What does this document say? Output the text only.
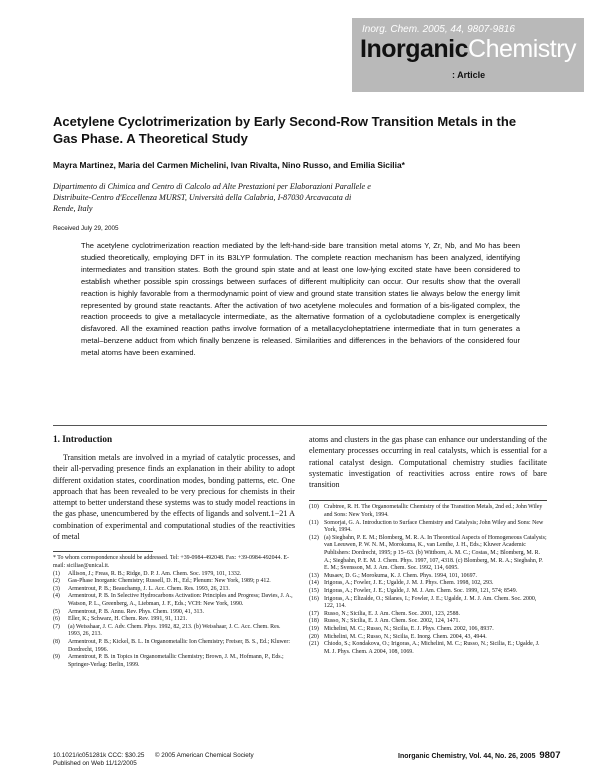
Inorg. Chem. 2005, 44, 9807-9816
InorganicChemistry
: Article
Acetylene Cyclotrimerization by Early Second-Row Transition Metals in the Gas Phase. A Theoretical Study
Mayra Martinez, Maria del Carmen Michelini, Ivan Rivalta, Nino Russo, and Emilia Sicilia*
Dipartimento di Chimica and Centro di Calcolo ad Alte Prestazioni per Elaborazioni Parallele e Distribuite-Centro d'Eccellenza MURST, Università della Calabria, I-87030 Arcavacata di Rende, Italy
Received July 29, 2005
The acetylene cyclotrimerization reaction mediated by the left-hand-side bare transition metal atoms Y, Zr, Nb, and Mo has been studied theoretically, employing DFT in its B3LYP formulation. The complete reaction mechanism has been analyzed, identifying intermediates and transition states. Both the ground spin state and at least one low-lying excited state have been considered to establish whether possible spin crossings between surfaces of different multiplicity can occur. Our results show that the overall reaction is highly favorable from a thermodynamic point of view and ground state transition states lie always below the energy limit represented by ground state reactants. After the activation of two acetylene molecules and formation of a bis-ligated complex, the reaction proceeds to give a metallacycle intermediate, as the alternative formation of a cyclobutadiene complex is energetically disfavored. All the examined reaction paths involve formation of a metallacycloheptatriene intermediate that in turn generates a metal–benzene adduct from which finally benzene is released. Similarities and differences in the behaviors of the considered four metal atoms have been examined.
1. Introduction

Transition metals are involved in a myriad of catalytic processes, and their all-pervading presence finds an explanation in their ability to adopt different oxidation states, coordination modes, bonding patterns, etc. One approach that has been revealed to be very precious for chemists in their attempt to better understand these systems was to study model reactions in the gas phase, unencumbered by the effects of ligands and solvent.1−21 A combination of experimental and computational studies of the reactivities of metal

* To whom correspondence should be addressed. Tel: +39-0984-492048. Fax: +39-0984-492044. E-mail: siciliae@unical.it.
(1)	Allison, J.; Freas, R. B.; Ridge, D. P. J. Am. Chem. Soc. 1979, 101, 1332.
(2)	Gas-Phase Inorganic Chemistry; Russell, D. H., Ed.; Plenum: New York, 1989; p 412.
(3)	Armentrout, P. B.; Beauchamp, J. L. Acc. Chem. Res. 1993, 26, 213.
(4)	Armentrout, P. B. In Selective Hydrocarbons Activation: Principles and Progress; Davies, J. A., Watson, P. L., Greenberg, A., Liebman, J. F., Eds.; VCH: New York, 1990.
(5)	Armentrout, P. B. Annu. Rev. Phys. Chem. 1990, 41, 313.
(6)	Eller, K.; Schwarz, H. Chem. Rev. 1991, 91, 1121.
(7)	(a) Weisshaar, J. C. Adv. Chem. Phys. 1992, 82, 213. (b) Weisshaar, J. C. Acc. Chem. Res. 1993, 26, 213.
(8)	Armentrout, P. B.; Kickel, B. L. In Organometallic Ion Chemistry; Freiser, B. S., Ed.; Kluwer: Dordrecht, 1996.
(9)	Armentrout, P. B. in Topics in Organometallic Chemistry; Brown, J. M., Hofmann, P., Eds.; Springer-Verlag: Berlin, 1999.

atoms and clusters in the gas phase can enhance our understanding of the elementary processes occurring in real catalysts, which is essential for a rational catalyst design. Computational chemistry studies facilitate systematic investigation of reactivities across entire rows of bare transition

(10) Crabtree, R. H. The Organometallic Chemistry of the Transition Metals, 2nd ed.; John Wiley and Sons: New York, 1994.
(11) Somorjai, G. A. Introduction to Surface Chemistry and Catalysis; John Wiley and Sons: New York, 1994.
(12) (a) Siegbahn, P. E. M.; Blomberg, M. R. A. In Theoretical Aspects of Homogeneous Catalysis; van Leeuwen, P. W. N. M., Morokuma, K., van Lenthe, J. H., Eds.; Kluwer Academic Publishers: Dordrecht, 1995; p 15−63. (b) Wittborn, A. M. C.; Costas, M.; Blomberg, M. R. A.; Siegbahn, P. E. M. J. Chem. Phys. 1997, 107, 4318. (c) Blomberg, M. R. A.; Siegbahn, P. E. M.; Svensson, M. J. Am. Chem. Soc. 1992, 114, 6095.
(13) Musaev, D. G.; Morokuma, K. J. Chem. Phys. 1994, 101, 10697.
(14) Irigoras, A.; Fowler, J. E.; Ugalde, J. M. J. Phys. Chem. 1998, 102, 293.
(15) Irigoras, A.; Fowler, J. E.; Ugalde, J. M. J. Am. Chem. Soc. 1999, 121, 574; 8549.
(16) Irigoras, A.; Elizalde, O.; Silanes, I.; Fowler, J. E.; Ugalde, J. M. J. Am. Chem. Soc. 2000, 122, 114.
(17) Russo, N.; Sicilia, E. J. Am. Chem. Soc. 2001, 123, 2588.
(18) Russo, N.; Sicilia, E. J. Am. Chem. Soc. 2002, 124, 1471.
(19) Michelini, M. C.; Russo, N.; Sicilia, E. J. Phys. Chem. 2002, 106, 8937.
(20) Michelini, M. C.; Russo, N.; Sicilia, E. Inorg. Chem. 2004, 43, 4944.
(21) Chiodo, S.; Kondakova, O.; Irigoras, A.; Michelini, M. C.; Russo, N.; Sicilia, E.; Ugalde, J. M. J. Phys. Chem. A 2004, 108, 1069.
10.1021/ic051281k CCC: $30.25 © 2005 American Chemical Society
Published on Web 11/12/2005
Inorganic Chemistry, Vol. 44, No. 26, 2005 9807
